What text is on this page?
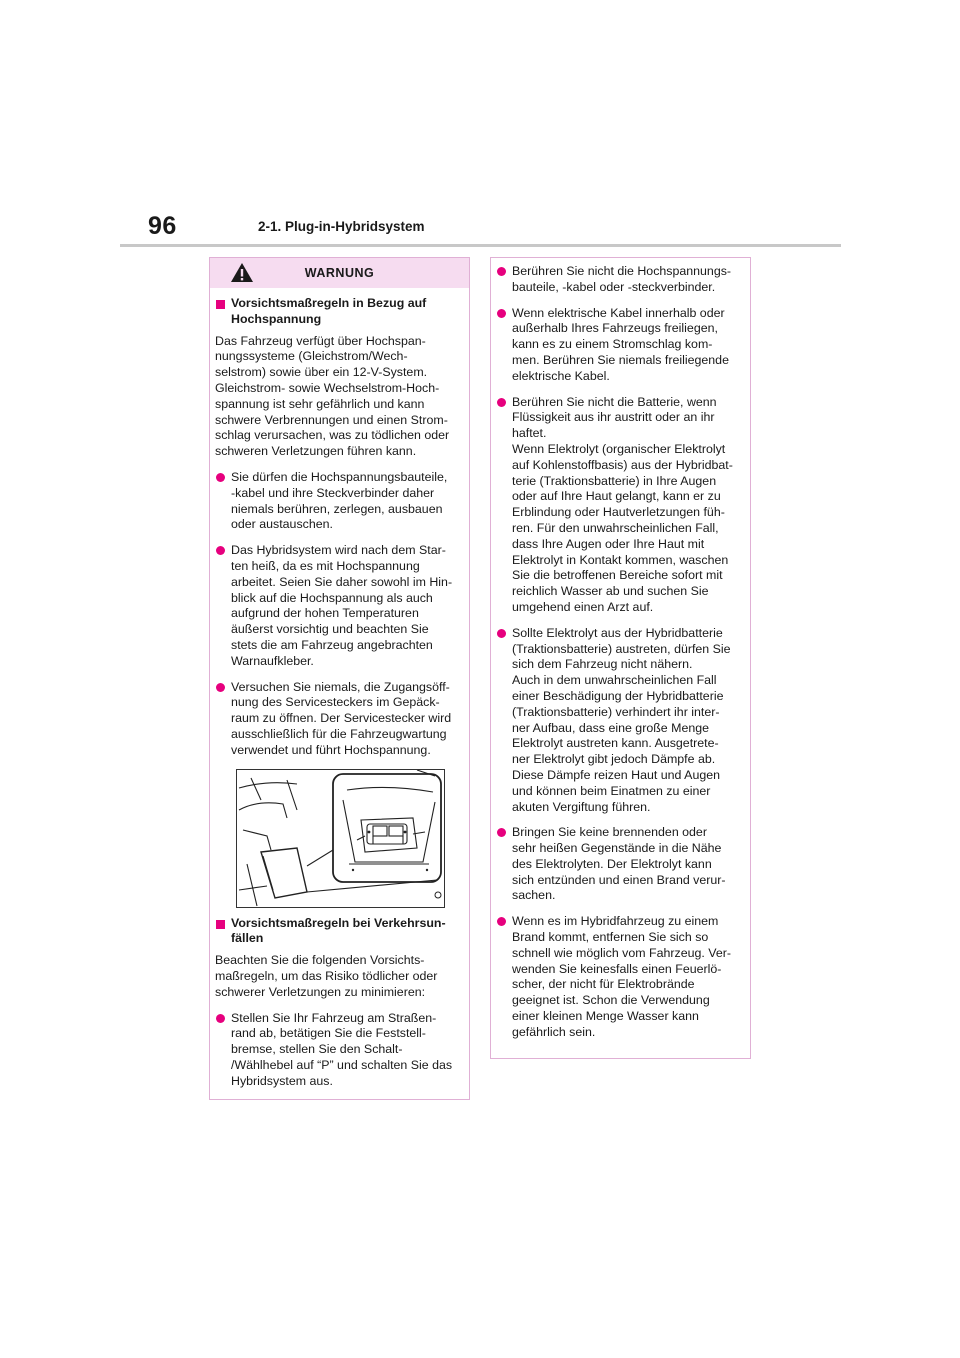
96	2-1. Plug-in-Hybridsystem
WARNUNG
Vorsichtsmaßregeln in Bezug auf
Hochspannung
Das Fahrzeug verfügt über Hochspan-
nungssysteme (Gleichstrom/Wech-
selstrom) sowie über ein 12-V-System.
Gleichstrom- sowie Wechselstrom-Hoch-
spannung ist sehr gefährlich und kann
schwere Verbrennungen und einen Strom-
schlag verursachen, was zu tödlichen oder
schweren Verletzungen führen kann.
Sie dürfen die Hochspannungsbauteile,
-kabel und ihre Steckverbinder daher
niemals berühren, zerlegen, ausbauen
oder austauschen.
Das Hybridsystem wird nach dem Star-
ten heiß, da es mit Hochspannung
arbeitet. Seien Sie daher sowohl im Hin-
blick auf die Hochspannung als auch
aufgrund der hohen Temperaturen
äußerst vorsichtig und beachten Sie
stets die am Fahrzeug angebrachten
Warnaufkleber.
Versuchen Sie niemals, die Zugangsöff-
nung des Servicesteckers im Gepäck-
raum zu öffnen. Der Servicestecker wird
ausschließlich für die Fahrzeugwartung
verwendet und führt Hochspannung.
Vorsichtsmaßregeln bei Verkehrsun-
fällen
Beachten Sie die folgenden Vorsichts-
maßregeln, um das Risiko tödlicher oder
schwerer Verletzungen zu minimieren:
Stellen Sie Ihr Fahrzeug am Straßen-
rand ab, betätigen Sie die Feststell-
bremse, stellen Sie den Schalt-
/Wählhebel auf “P” und schalten Sie das
Hybridsystem aus.
Berühren Sie nicht die Hochspannungs-
bauteile, -kabel oder -steckverbinder.
Wenn elektrische Kabel innerhalb oder
außerhalb Ihres Fahrzeugs freiliegen,
kann es zu einem Stromschlag kom-
men. Berühren Sie niemals freiliegende
elektrische Kabel.
Berühren Sie nicht die Batterie, wenn
Flüssigkeit aus ihr austritt oder an ihr
haftet.
Wenn Elektrolyt (organischer Elektrolyt
auf Kohlenstoffbasis) aus der Hybridbat-
terie (Traktionsbatterie) in Ihre Augen
oder auf Ihre Haut gelangt, kann er zu
Erblindung oder Hautverletzungen füh-
ren. Für den unwahrscheinlichen Fall,
dass Ihre Augen oder Ihre Haut mit
Elektrolyt in Kontakt kommen, waschen
Sie die betroffenen Bereiche sofort mit
reichlich Wasser ab und suchen Sie
umgehend einen Arzt auf.
Sollte Elektrolyt aus der Hybridbatterie
(Traktionsbatterie) austreten, dürfen Sie
sich dem Fahrzeug nicht nähern.
Auch in dem unwahrscheinlichen Fall
einer Beschädigung der Hybridbatterie
(Traktionsbatterie) verhindert ihr inter-
ner Aufbau, dass eine große Menge
Elektrolyt austreten kann. Ausgetrete-
ner Elektrolyt gibt jedoch Dämpfe ab.
Diese Dämpfe reizen Haut und Augen
und können beim Einatmen zu einer
akuten Vergiftung führen.
Bringen Sie keine brennenden oder
sehr heißen Gegenstände in die Nähe
des Elektrolyten. Der Elektrolyt kann
sich entzünden und einen Brand verur-
sachen.
Wenn es im Hybridfahrzeug zu einem
Brand kommt, entfernen Sie sich so
schnell wie möglich vom Fahrzeug. Ver-
wenden Sie keinesfalls einen Feuerlö-
scher, der nicht für Elektrobrände
geeignet ist. Schon die Verwendung
einer kleinen Menge Wasser kann
gefährlich sein.
